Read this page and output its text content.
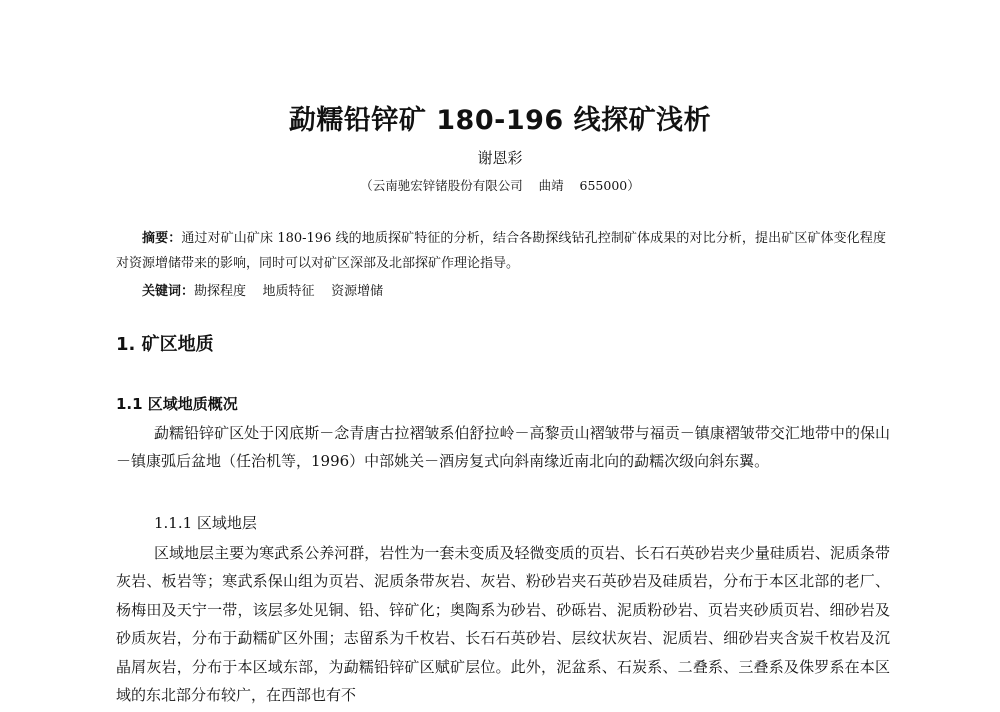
勐糯铅锌矿 180-196 线探矿浅析
谢恩彩
（云南驰宏锌锗股份有限公司    曲靖    655000）
摘要：通过对矿山矿床 180-196 线的地质探矿特征的分析，结合各勘探线钻孔控制矿体成果的对比分析，提出矿区矿体变化程度对资源增储带来的影响，同时可以对矿区深部及北部探矿作理论指导。
关键词：勘探程度    地质特征    资源增储
1. 矿区地质
1.1 区域地质概况
勐糯铅锌矿区处于冈底斯－念青唐古拉褶皱系伯舒拉岭－高黎贡山褶皱带与福贡－镇康褶皱带交汇地带中的保山－镇康弧后盆地（任治机等，1996）中部姚关－酒房复式向斜南缘近南北向的勐糯次级向斜东翼。
1.1.1 区域地层
区域地层主要为寒武系公养河群，岩性为一套未变质及轻微变质的页岩、长石石英砂岩夹少量硅质岩、泥质条带灰岩、板岩等；寒武系保山组为页岩、泥质条带灰岩、灰岩、粉砂岩夹石英砂岩及硅质岩，分布于本区北部的老厂、杨梅田及天宁一带，该层多处见铜、铅、锌矿化；奥陶系为砂岩、砂砾岩、泥质粉砂岩、页岩夹砂质页岩、细砂岩及砂质灰岩，分布于勐糯矿区外围；志留系为千枚岩、长石石英砂岩、层纹状灰岩、泥质岩、细砂岩夹含炭千枚岩及沉晶屑灰岩，分布于本区域东部，为勐糯铅锌矿区赋矿层位。此外，泥盆系、石炭系、二叠系、三叠系及侏罗系在本区域的东北部分布较广，在西部也有不
